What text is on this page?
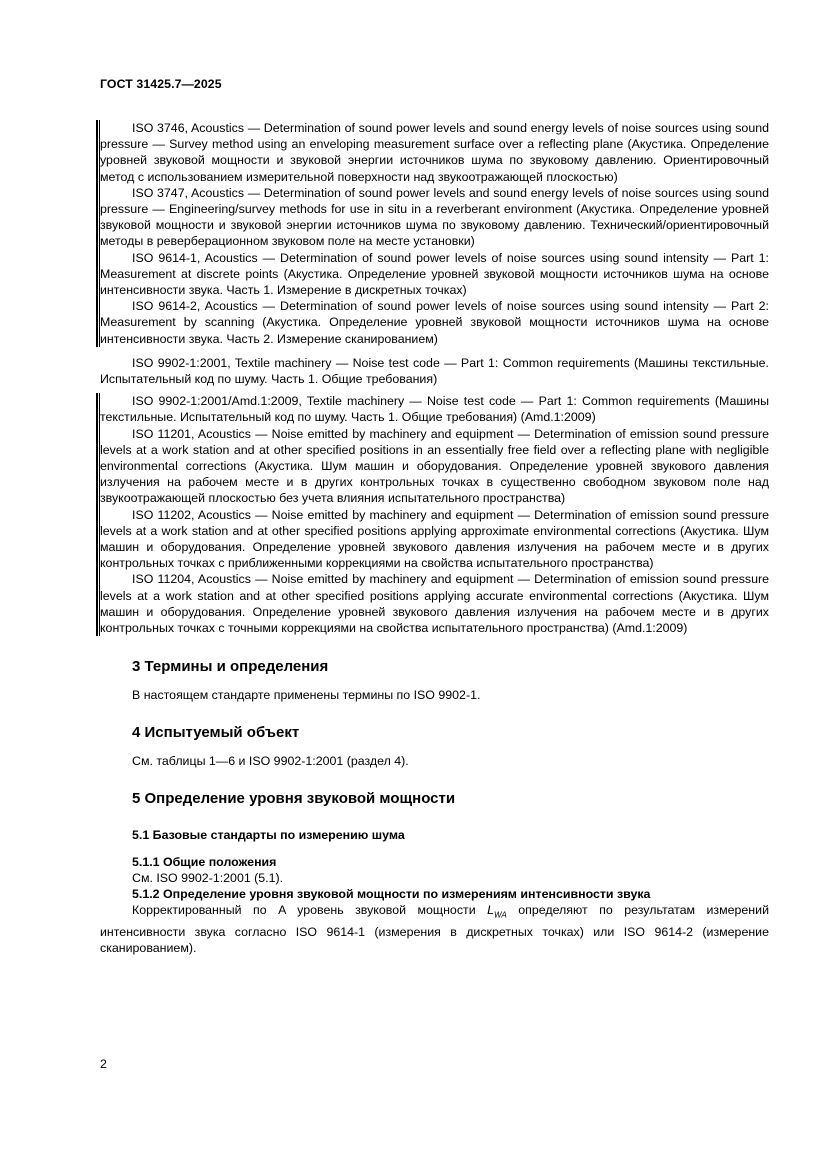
ГОСТ 31425.7—2025

ISO 3746, Acoustics — Determination of sound power levels and sound energy levels of noise sources using sound pressure — Survey method using an enveloping measurement surface over a reflecting plane (Акустика. Определение уровней звуковой мощности и звуковой энергии источников шума по звуковому давлению. Ориентировочный метод с использованием измерительной поверхности над звукоотражающей плоскостью)

ISO 3747, Acoustics — Determination of sound power levels and sound energy levels of noise sources using sound pressure — Engineering/survey methods for use in situ in a reverberant environment (Акустика. Определение уровней звуковой мощности и звуковой энергии источников шума по звуковому давлению. Технический/ориентировочный методы в реверберационном звуковом поле на месте установки)

ISO 9614-1, Acoustics — Determination of sound power levels of noise sources using sound intensity — Part 1: Measurement at discrete points (Акустика. Определение уровней звуковой мощности источников шума на основе интенсивности звука. Часть 1. Измерение в дискретных точках)

ISO 9614-2, Acoustics — Determination of sound power levels of noise sources using sound intensity — Part 2: Measurement by scanning (Акустика. Определение уровней звуковой мощности источников шума на основе интенсивности звука. Часть 2. Измерение сканированием)

ISO 9902-1:2001, Textile machinery — Noise test code — Part 1: Common requirements (Машины текстильные. Испытательный код по шуму. Часть 1. Общие требования)

ISO 9902-1:2001/Amd.1:2009, Textile machinery — Noise test code — Part 1: Common requirements (Машины текстильные. Испытательный код по шуму. Часть 1. Общие требования) (Amd.1:2009)

ISO 11201, Acoustics — Noise emitted by machinery and equipment — Determination of emission sound pressure levels at a work station and at other specified positions in an essentially free field over a reflecting plane with negligible environmental corrections (Акустика. Шум машин и оборудования. Определение уровней звукового давления излучения на рабочем месте и в других контрольных точках в существенно свободном звуковом поле над звукоотражающей плоскостью без учета влияния испытательного пространства)

ISO 11202, Acoustics — Noise emitted by machinery and equipment — Determination of emission sound pressure levels at a work station and at other specified positions applying approximate environmental corrections (Акустика. Шум машин и оборудования. Определение уровней звукового давления излучения на рабочем месте и в других контрольных точках с приближенными коррекциями на свойства испытательного пространства)

ISO 11204, Acoustics — Noise emitted by machinery and equipment — Determination of emission sound pressure levels at a work station and at other specified positions applying accurate environmental corrections (Акустика. Шум машин и оборудования. Определение уровней звукового давления излучения на рабочем месте и в других контрольных точках с точными коррекциями на свойства испытательного пространства) (Amd.1:2009)

3 Термины и определения

В настоящем стандарте применены термины по ISO 9902-1.

4 Испытуемый объект

См. таблицы 1—6 и ISO 9902-1:2001 (раздел 4).

5 Определение уровня звуковой мощности
5.1 Базовые стандарты по измерению шума
5.1.1 Общие положения

См. ISO 9902-1:2001 (5.1).

5.1.2 Определение уровня звуковой мощности по измерениям интенсивности звука

Корректированный по A уровень звуковой мощности $L_{WA}$ определяют по результатам измерений интенсивности звука согласно ISO 9614-1 (измерения в дискретных точках) или ISO 9614-2 (измерение сканированием).

2
